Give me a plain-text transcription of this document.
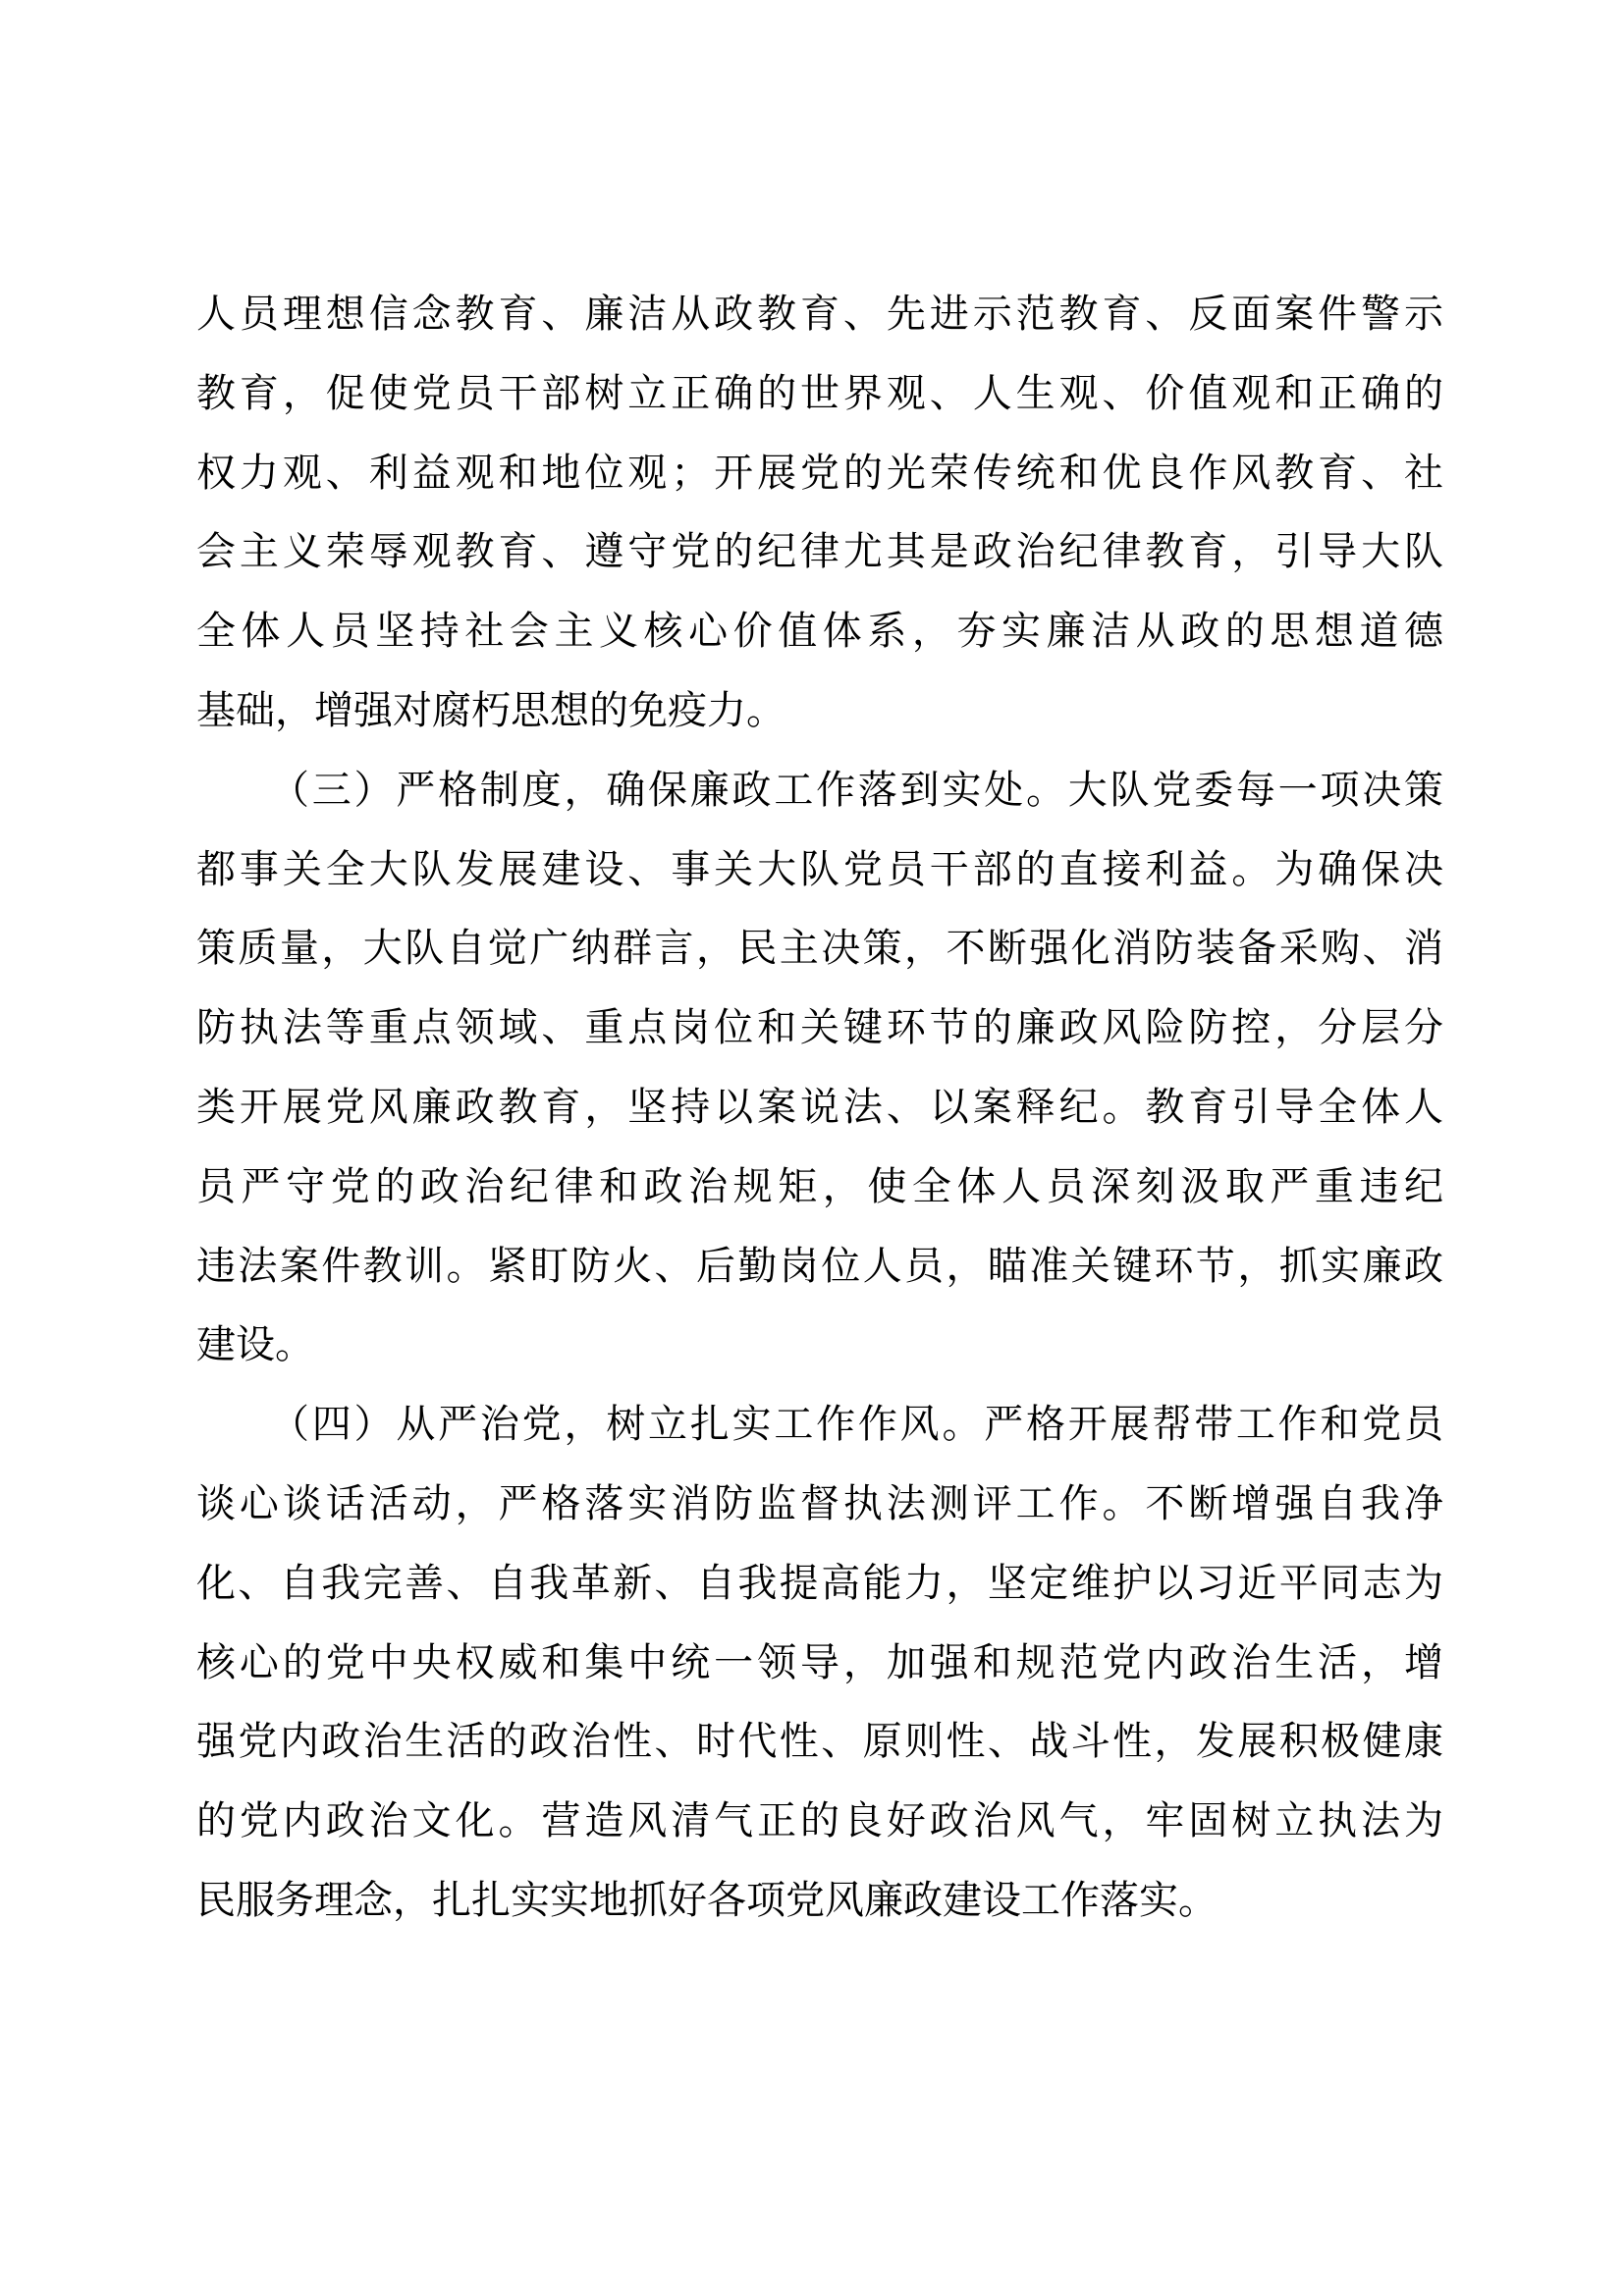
人员理想信念教育、廉洁从政教育、先进示范教育、反面案件警示
教育，促使党员干部树立正确的世界观、人生观、价值观和正确的
权力观、利益观和地位观；开展党的光荣传统和优良作风教育、社
会主义荣辱观教育、遵守党的纪律尤其是政治纪律教育，引导大队
全体人员坚持社会主义核心价值体系，夯实廉洁从政的思想道德
基础，增强对腐朽思想的免疫力。
（三）严格制度，确保廉政工作落到实处。大队党委每一项决策
都事关全大队发展建设、事关大队党员干部的直接利益。为确保决
策质量，大队自觉广纳群言，民主决策，不断强化消防装备采购、消
防执法等重点领域、重点岗位和关键环节的廉政风险防控，分层分
类开展党风廉政教育，坚持以案说法、以案释纪。教育引导全体人
员严守党的政治纪律和政治规矩，使全体人员深刻汲取严重违纪
违法案件教训。紧盯防火、后勤岗位人员，瞄准关键环节，抓实廉政
建设。
（四）从严治党，树立扎实工作作风。严格开展帮带工作和党员
谈心谈话活动，严格落实消防监督执法测评工作。不断增强自我净
化、自我完善、自我革新、自我提高能力，坚定维护以习近平同志为
核心的党中央权威和集中统一领导，加强和规范党内政治生活，增
强党内政治生活的政治性、时代性、原则性、战斗性，发展积极健康
的党内政治文化。营造风清气正的良好政治风气，牢固树立执法为
民服务理念，扎扎实实地抓好各项党风廉政建设工作落实。
